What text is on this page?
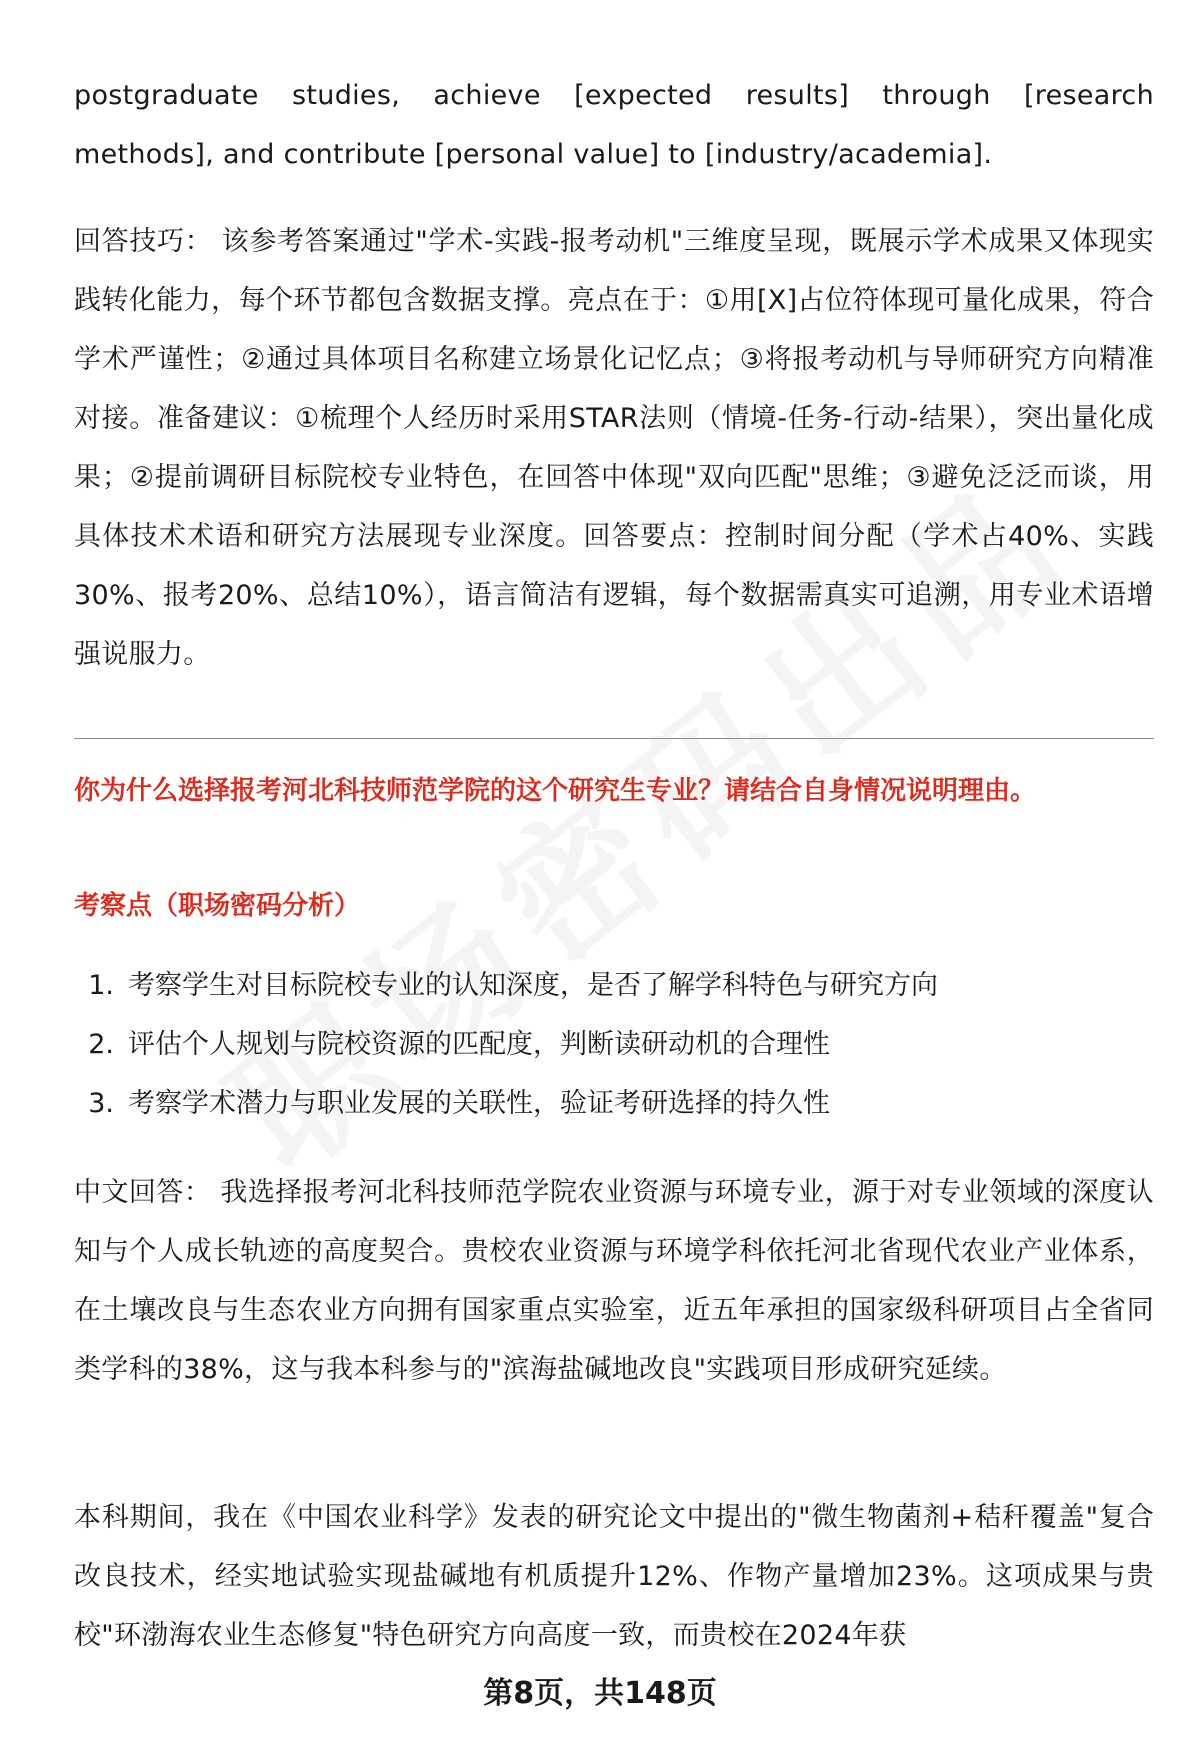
postgraduate studies, achieve [expected results] through [research methods], and contribute [personal value] to [industry/academia].

回答技巧： 该参考答案通过"学术-实践-报考动机"三维度呈现，既展示学术成果又体现实践转化能力，每个环节都包含数据支撑。亮点在于：①用[X]占位符体现可量化成果，符合学术严谨性；②通过具体项目名称建立场景化记忆点；③将报考动机与导师研究方向精准对接。准备建议：①梳理个人经历时采用STAR法则（情境-任务-行动-结果），突出量化成果；②提前调研目标院校专业特色，在回答中体现"双向匹配"思维；③避免泛泛而谈，用具体技术术语和研究方法展现专业深度。回答要点：控制时间分配（学术占40%、实践30%、报考20%、总结10%），语言简洁有逻辑，每个数据需真实可追溯，用专业术语增强说服力。

你为什么选择报考河北科技师范学院的这个研究生专业？请结合自身情况说明理由。
考察点（职场密码分析）
1. 考察学生对目标院校专业的认知深度，是否了解学科特色与研究方向
2. 评估个人规划与院校资源的匹配度，判断读研动机的合理性
3. 考察学术潜力与职业发展的关联性，验证考研选择的持久性

中文回答： 我选择报考河北科技师范学院农业资源与环境专业，源于对专业领域的深度认知与个人成长轨迹的高度契合。贵校农业资源与环境学科依托河北省现代农业产业体系，在土壤改良与生态农业方向拥有国家重点实验室，近五年承担的国家级科研项目占全省同类学科的38%，这与我本科参与的"滨海盐碱地改良"实践项目形成研究延续。

本科期间，我在《中国农业科学》发表的研究论文中提出的"微生物菌剂+秸秆覆盖"复合改良技术，经实地试验实现盐碱地有机质提升12%、作物产量增加23%。这项成果与贵校"环渤海农业生态修复"特色研究方向高度一致，而贵校在2024年获

第8页，共148页
